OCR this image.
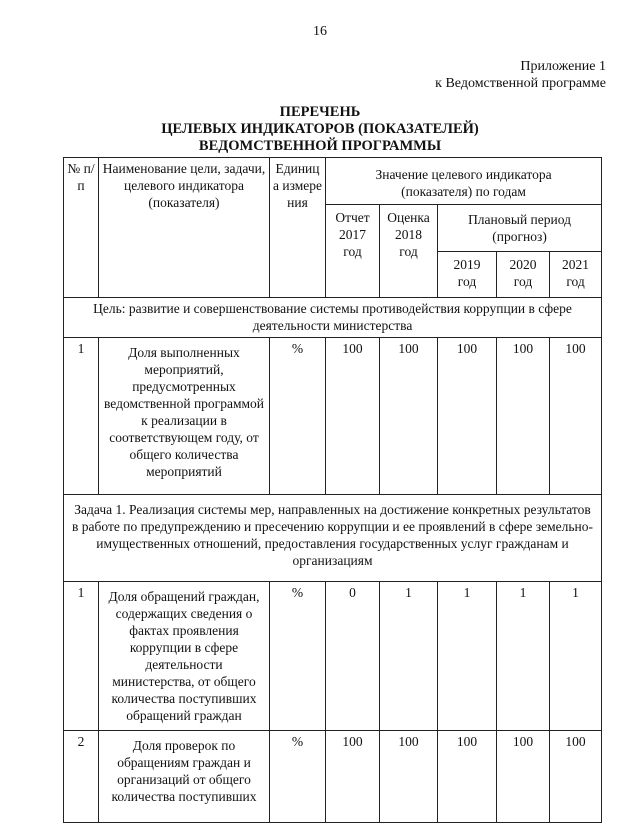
16
Приложение 1
к Ведомственной программе
ПЕРЕЧЕНЬ
ЦЕЛЕВЫХ ИНДИКАТОРОВ (ПОКАЗАТЕЛЕЙ)
ВЕДОМСТВЕННОЙ ПРОГРАММЫ
№ п/п	Наименование цели, задачи, целевого индикатора (показателя)	Единица измерения	Значение целевого индикатора (показателя) по годам				
			Отчет 2017 год	Оценка 2018 год	Плановый период (прогноз)		
					2019 год	2020 год	2021 год
Цель: развитие и совершенствование системы противодействия коррупции в сфере деятельности министерства							
1	Доля выполненных мероприятий, предусмотренных ведомственной программой к реализации в соответствующем году, от общего количества мероприятий	%	100	100	100	100	100
Задача 1. Реализация системы мер, направленных на достижение конкретных результатов в работе по предупреждению и пресечению коррупции и ее проявлений в сфере земельно-имущественных отношений, предоставления государственных услуг гражданам и организациям							
1	Доля обращений граждан, содержащих сведения о фактах проявления коррупции в сфере деятельности министерства, от общего количества поступивших обращений граждан	%	0	1	1	1	1
2	Доля проверок по обращениям граждан и организаций от общего количества поступивших	%	100	100	100	100	100
